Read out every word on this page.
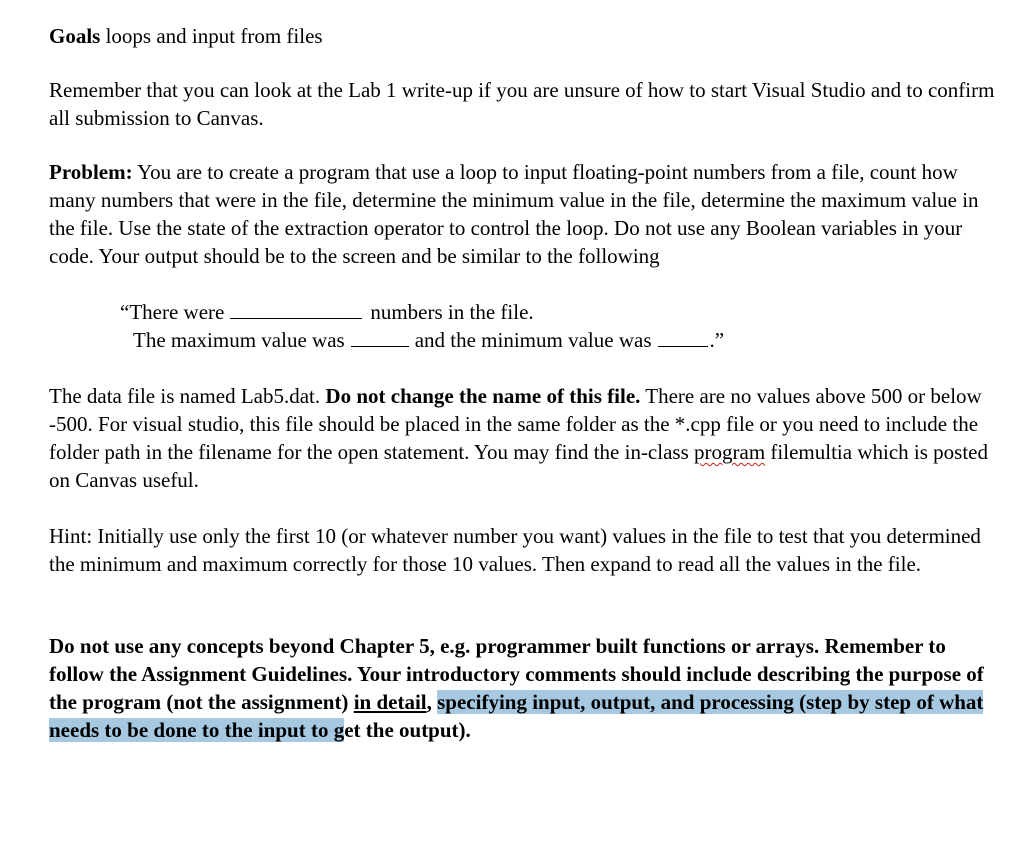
Goals loops and input from files

Remember that you can look at the Lab 1 write-up if you are unsure of how to start Visual Studio and to confirm all submission to Canvas.

Problem: You are to create a program that use a loop to input floating-point numbers from a file, count how many numbers that were in the file, determine the minimum value in the file, determine the maximum value in the file. Use the state of the extraction operator to control the loop. Do not use any Boolean variables in your code. Your output should be to the screen and be similar to the following

“There were	numbers in the file.
The maximum value was	and the minimum value was	.”

The data file is named Lab5.dat. Do not change the name of this file. There are no values above 500 or below -500. For visual studio, this file should be placed in the same folder as the *.cpp file or you need to include the folder path in the filename for the open statement. You may find the in-class program filemultia which is posted on Canvas useful.

Hint: Initially use only the first 10 (or whatever number you want) values in the file to test that you determined the minimum and maximum correctly for those 10 values. Then expand to read all the values in the file.

Do not use any concepts beyond Chapter 5, e.g. programmer built functions or arrays. Remember to follow the Assignment Guidelines. Your introductory comments should include describing the purpose of the program (not the assignment) in detail, specifying input, output, and processing (step by step of what needs to be done to the input to get the output).
